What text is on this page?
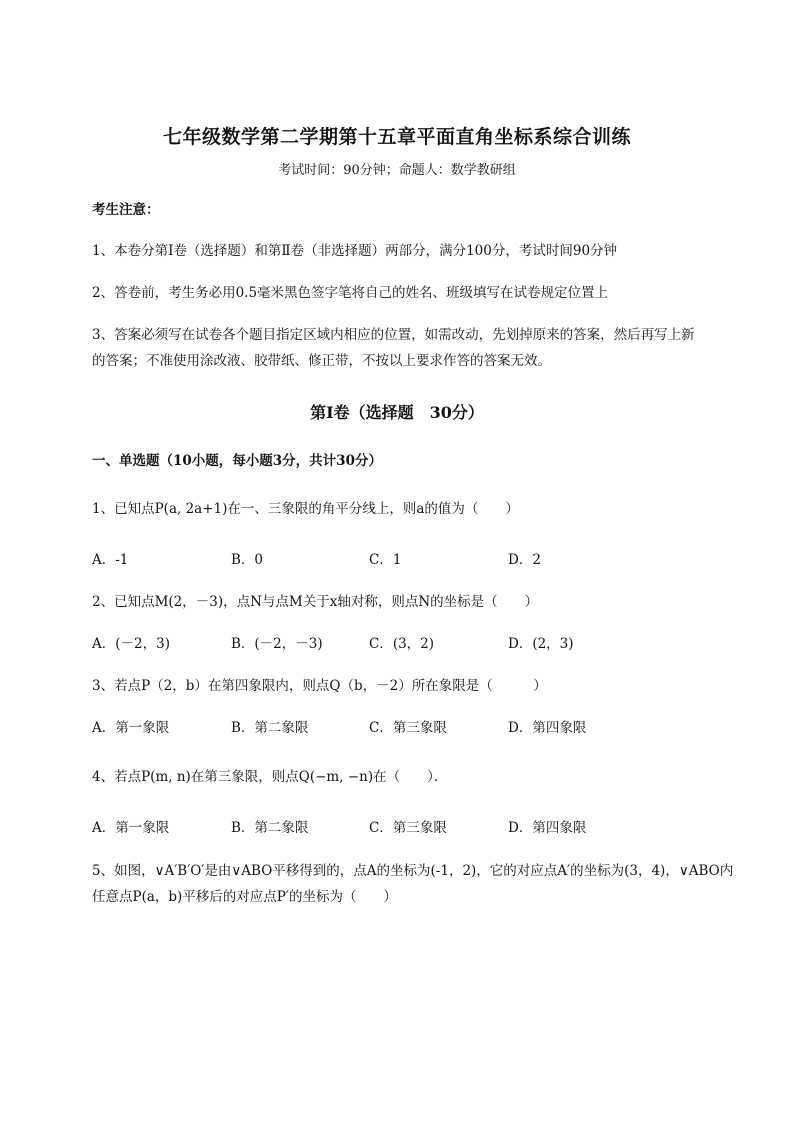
七年级数学第二学期第十五章平面直角坐标系综合训练
考试时间：90分钟；命题人：数学教研组
考生注意：
1、本卷分第Ⅰ卷（选择题）和第Ⅱ卷（非选择题）两部分，满分100分，考试时间90分钟
2、答卷前，考生务必用0.5毫米黑色签字笔将自己的姓名、班级填写在试卷规定位置上
3、答案必须写在试卷各个题目指定区域内相应的位置，如需改动，先划掉原来的答案，然后再写上新的答案；不准使用涂改液、胶带纸、修正带，不按以上要求作答的答案无效。
第Ⅰ卷（选择题　30分）
一、单选题（10小题，每小题3分，共计30分）
1、已知点P(a, 2a+1)在一、三象限的角平分线上，则a的值为（　　）
A．-1	B．0	C．1	D．2
2、已知点M(2，－3)，点N与点M关于x轴对称，则点N的坐标是（　　）
A．(－2，3)	B．(－2，－3)	C．(3，2)	D．(2，3)
3、若点P（2，b）在第四象限内，则点Q（b，－2）所在象限是（　　　）
A．第一象限	B．第二象限	C．第三象限	D．第四象限
4、若点P(m, n)在第三象限，则点Q(−m, −n)在（　　）．
A．第一象限	B．第二象限	C．第三象限	D．第四象限
5、如图，∨A′B′O′是由∨ABO平移得到的，点A的坐标为(-1，2)，它的对应点A′的坐标为(3，4)，∨ABO内任意点P(a，b)平移后的对应点P′的坐标为（　　）
